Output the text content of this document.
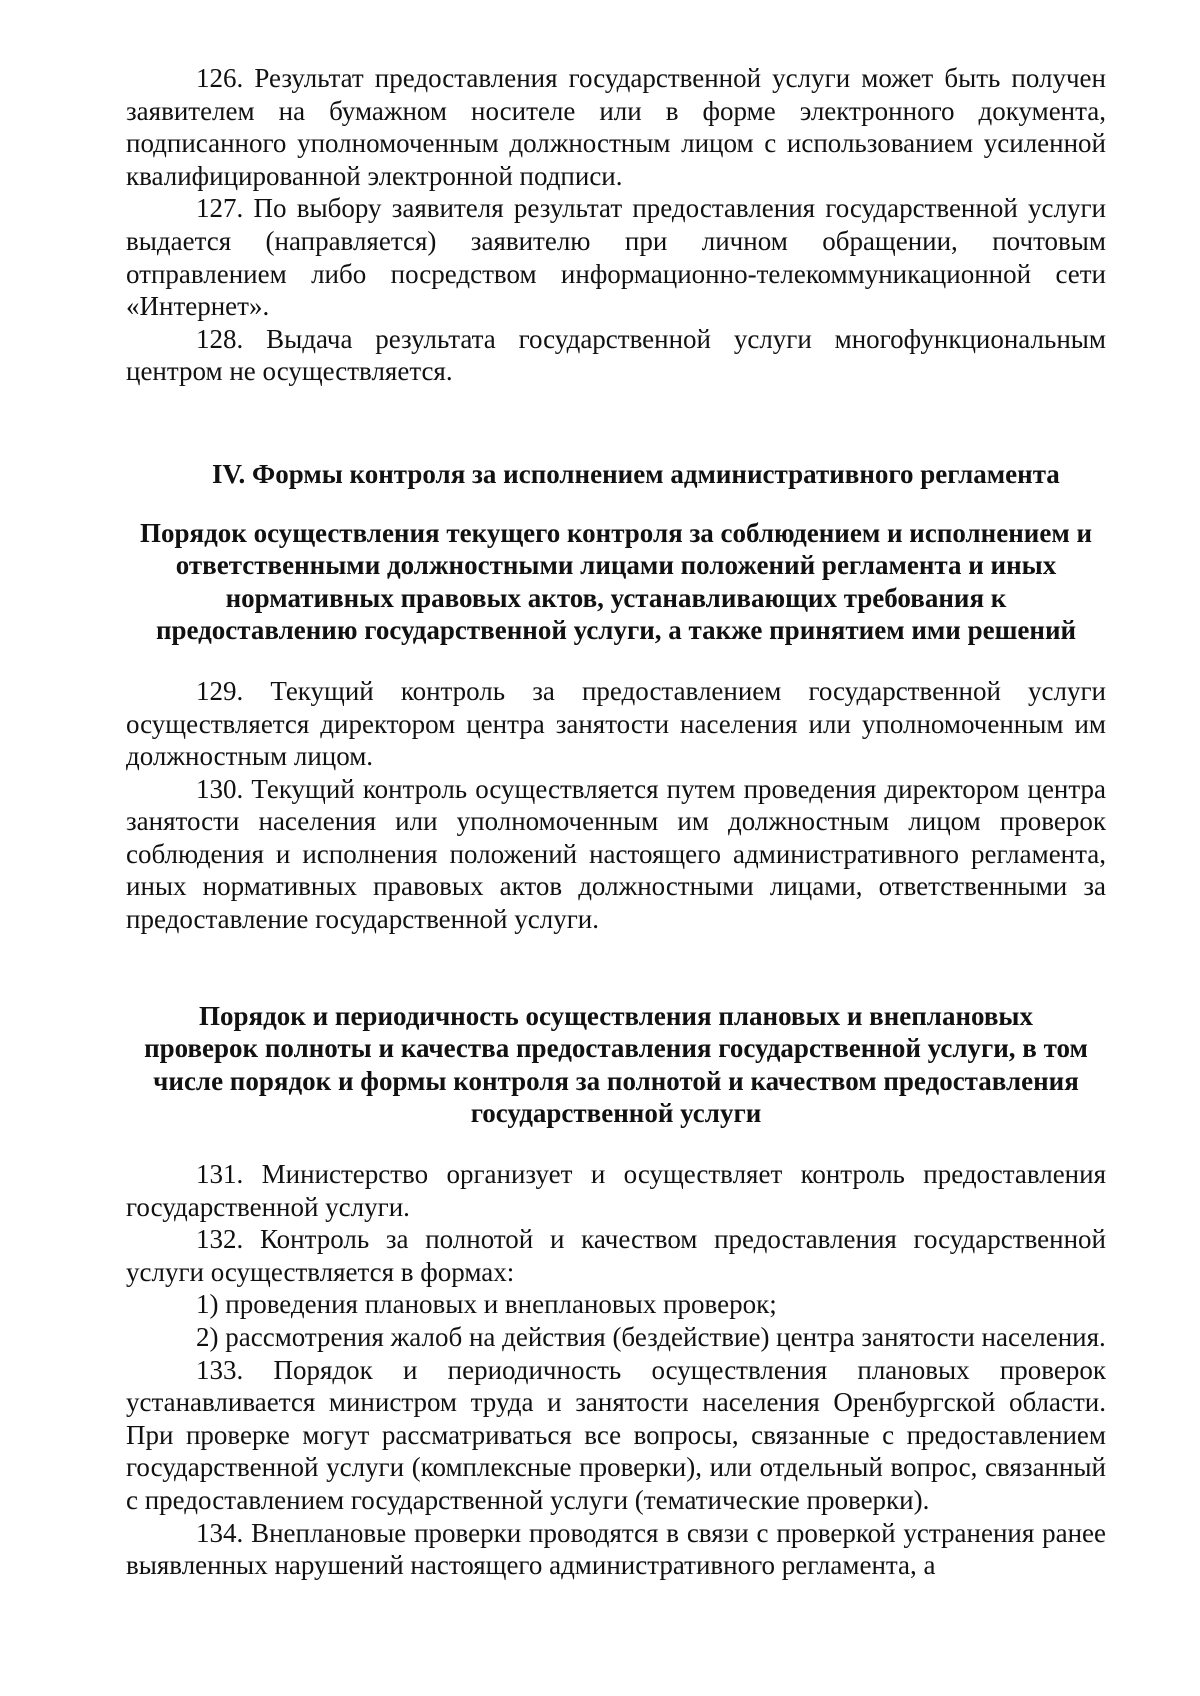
126. Результат предоставления государственной услуги может быть получен заявителем на бумажном носителе или в форме электронного документа, подписанного уполномоченным должностным лицом с использованием усиленной квалифицированной электронной подписи.

127. По выбору заявителя результат предоставления государственной услуги выдается (направляется) заявителю при личном обращении, почтовым отправлением либо посредством информационно-телекоммуникационной сети «Интернет».

128. Выдача результата государственной услуги многофункциональным центром не осуществляется.

IV. Формы контроля за исполнением административного регламента

Порядок осуществления текущего контроля за соблюдением и исполнением и ответственными должностными лицами положений регламента и иных нормативных правовых актов, устанавливающих требования к предоставлению государственной услуги, а также принятием ими решений

129. Текущий контроль за предоставлением государственной услуги осуществляется директором центра занятости населения или уполномоченным им должностным лицом.

130. Текущий контроль осуществляется путем проведения директором центра занятости населения или уполномоченным им должностным лицом проверок соблюдения и исполнения положений настоящего административного регламента, иных нормативных правовых актов должностными лицами, ответственными за предоставление государственной услуги.

Порядок и периодичность осуществления плановых и внеплановых проверок полноты и качества предоставления государственной услуги, в том числе порядок и формы контроля за полнотой и качеством предоставления государственной услуги

131. Министерство организует и осуществляет контроль предоставления государственной услуги.

132. Контроль за полнотой и качеством предоставления государственной услуги осуществляется в формах:

1) проведения плановых и внеплановых проверок;

2) рассмотрения жалоб на действия (бездействие) центра занятости населения.

133. Порядок и периодичность осуществления плановых проверок устанавливается министром труда и занятости населения Оренбургской области. При проверке могут рассматриваться все вопросы, связанные с предоставлением государственной услуги (комплексные проверки), или отдельный вопрос, связанный с предоставлением государственной услуги (тематические проверки).

134. Внеплановые проверки проводятся в связи с проверкой устранения ранее выявленных нарушений настоящего административного регламента, а
